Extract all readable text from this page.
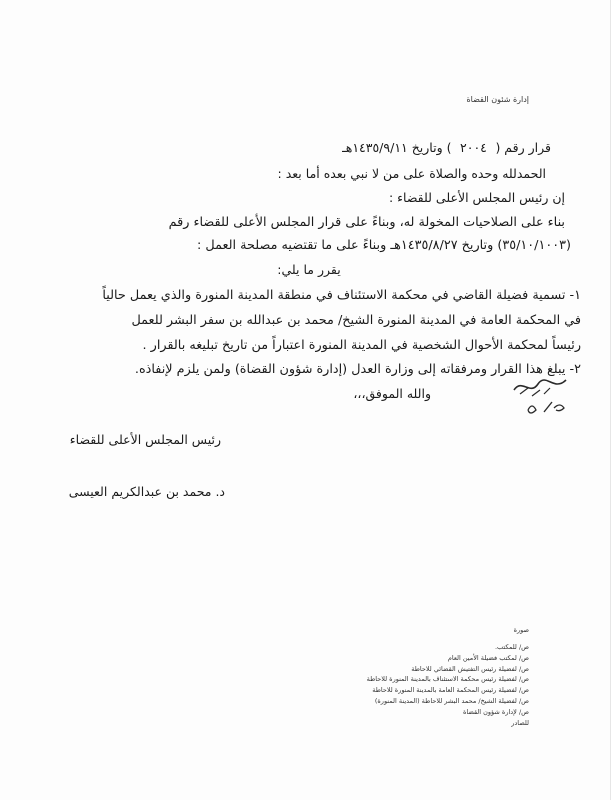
إدارة شئون القضاة
قرار رقم ( ٢٠٠٤ ) وتاريخ ١٤٣٥/٩/١١هـ
الحمدلله وحده والصلاة على من لا نبي بعده أما بعد :
إن رئيس المجلس الأعلى للقضاء :
بناء على الصلاحيات المخولة له، وبناءً على قرار المجلس الأعلى للقضاء رقم
(٣٥/١٠/١٠٠٣) وتاريخ ١٤٣٥/٨/٢٧هـ وبناءً على ما تقتضيه مصلحة العمل :
يقرر ما يلي:
١- تسمية فضيلة القاضي في محكمة الاستئناف في منطقة المدينة المنورة والذي يعمل حالياً
في المحكمة العامة في المدينة المنورة الشيخ/ محمد بن عبدالله بن سفر البشر للعمل
رئيساً لمحكمة الأحوال الشخصية في المدينة المنورة اعتباراً من تاريخ تبليغه بالقرار .
٢- يبلغ هذا القرار ومرفقاته إلى وزارة العدل (إدارة شؤون القضاة) ولمن يلزم لإنفاذه.
والله الموفق،،،
رئيس المجلس الأعلى للقضاء
د. محمد بن عبدالكريم العيسى
صورة
ص/ للمكتب.
ص/ لمكتب فضيلة الأمين العام
ص/ لفضيلة رئيس التفتيش القضائي للاحاطة
ص/ لفضيلة رئيس محكمة الاستئناف بالمدينة المنورة للاحاطة
ص/ لفضيلة رئيس المحكمة العامة بالمدينة المنورة للاحاطة
ص/ لفضيلة الشيخ/ محمد البشر للاحاطة (المدينة المنورة)
ص/ لإدارة شؤون القضاة
للصادر
